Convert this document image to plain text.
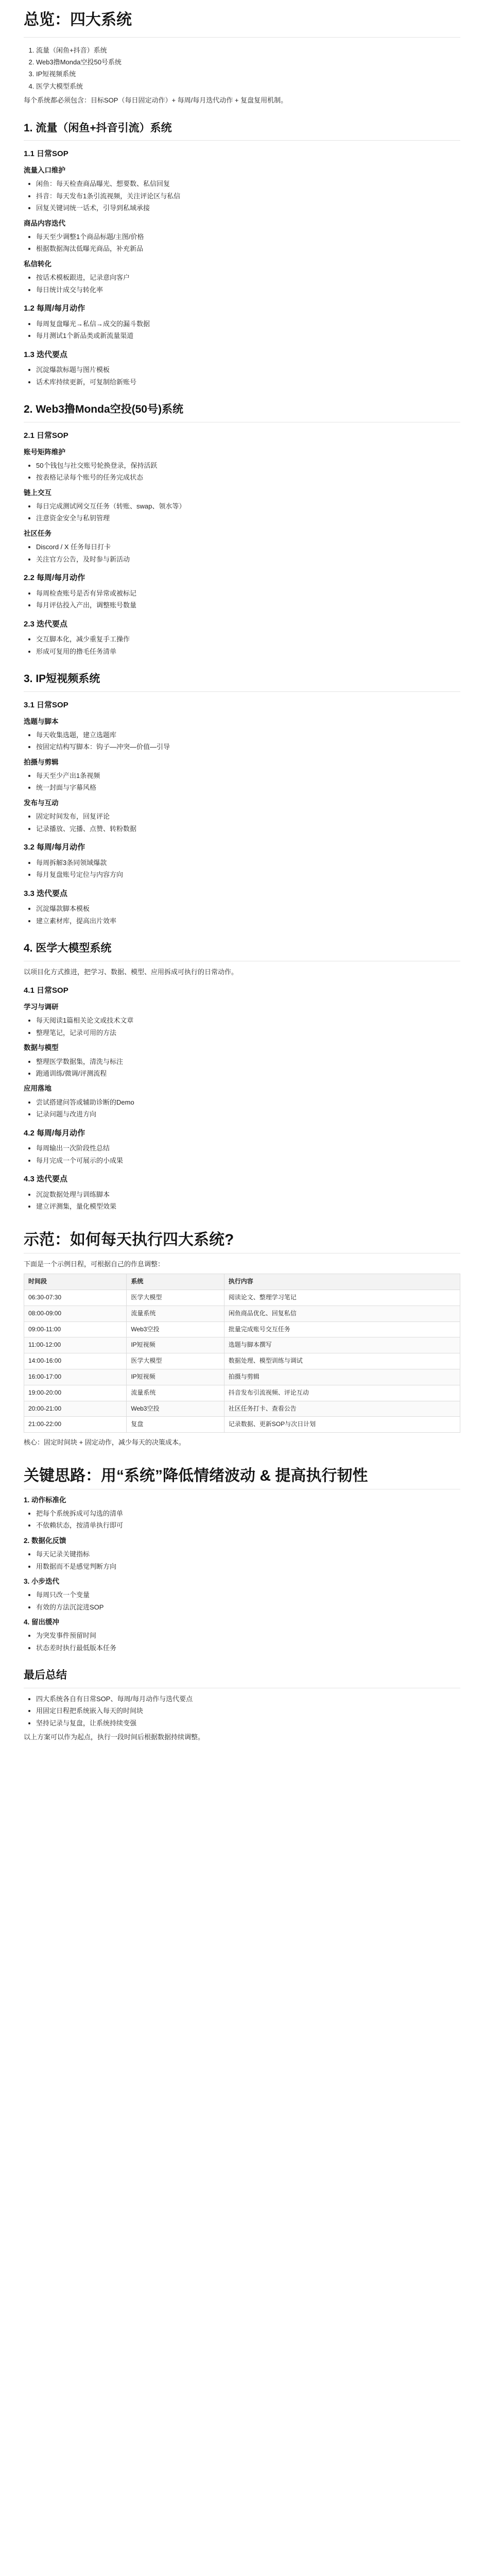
总览：四大系统
1. 流量（闲鱼+抖音）系统
2. Web3撸Monda空投50号系统
3. IP短视频系统
4. 医学大模型系统

每个系统都必须包含：目标SOP（每日固定动作）+ 每周/每月迭代动作 + 复盘复用机制。

1. 流量（闲鱼+抖音引流）系统
1.1 日常SOP
流量入口维护
• 闲鱼：每天检查商品曝光、想要数、私信回复
• 抖音：每天发布1条引流视频，关注评论区与私信
• 回复关键词统一话术，引导到私域承接
商品内容迭代
• 每天至少调整1个商品标题/主图/价格
• 根据数据淘汰低曝光商品，补充新品
私信转化
• 按话术模板跟进，记录意向客户
• 每日统计成交与转化率
1.2 每周/每月动作
• 每周复盘曝光→私信→成交的漏斗数据
• 每月测试1个新品类或新流量渠道
1.3 迭代要点
• 沉淀爆款标题与图片模板
• 话术库持续更新，可复制给新账号
2. Web3撸Monda空投(50号)系统
2.1 日常SOP
账号矩阵维护
• 50个钱包与社交账号轮换登录，保持活跃
• 按表格记录每个账号的任务完成状态
链上交互
• 每日完成测试网交互任务（转账、swap、领水等）
• 注意资金安全与私钥管理
社区任务
• Discord / X 任务每日打卡
• 关注官方公告，及时参与新活动
2.2 每周/每月动作
• 每周检查账号是否有异常或被标记
• 每月评估投入产出，调整账号数量
2.3 迭代要点
• 交互脚本化，减少重复手工操作
• 形成可复用的撸毛任务清单
3. IP短视频系统
3.1 日常SOP
选题与脚本
• 每天收集选题，建立选题库
• 按固定结构写脚本：钩子—冲突—价值—引导
拍摄与剪辑
• 每天至少产出1条视频
• 统一封面与字幕风格
发布与互动
• 固定时间发布，回复评论
• 记录播放、完播、点赞、转粉数据
3.2 每周/每月动作
• 每周拆解3条同领域爆款
• 每月复盘账号定位与内容方向
3.3 迭代要点
• 沉淀爆款脚本模板
• 建立素材库，提高出片效率
4. 医学大模型系统

以项目化方式推进，把学习、数据、模型、应用拆成可执行的日常动作。

4.1 日常SOP
学习与调研
• 每天阅读1篇相关论文或技术文章
• 整理笔记，记录可用的方法
数据与模型
• 整理医学数据集，清洗与标注
• 跑通训练/微调/评测流程
应用落地
• 尝试搭建问答或辅助诊断的Demo
• 记录问题与改进方向
4.2 每周/每月动作
• 每周输出一次阶段性总结
• 每月完成一个可展示的小成果
4.3 迭代要点
• 沉淀数据处理与训练脚本
• 建立评测集，量化模型效果
示范：如何每天执行四大系统?

下面是一个示例日程，可根据自己的作息调整：

时间段	系统	执行内容
06:30-07:30	医学大模型	阅读论文、整理学习笔记
08:00-09:00	流量系统	闲鱼商品优化、回复私信
09:00-11:00	Web3空投	批量完成账号交互任务
11:00-12:00	IP短视频	选题与脚本撰写
14:00-16:00	医学大模型	数据处理、模型训练与调试
16:00-17:00	IP短视频	拍摄与剪辑
19:00-20:00	流量系统	抖音发布引流视频、评论互动
20:00-21:00	Web3空投	社区任务打卡、查看公告
21:00-22:00	复盘	记录数据、更新SOP与次日计划

核心：固定时间块 + 固定动作，减少每天的决策成本。

关键思路：用“系统”降低情绪波动 & 提高执行韧性
1. 动作标准化
• 把每个系统拆成可勾选的清单
• 不依赖状态，按清单执行即可
2. 数据化反馈
• 每天记录关键指标
• 用数据而不是感觉判断方向
3. 小步迭代
• 每周只改一个变量
• 有效的方法沉淀进SOP
4. 留出缓冲
• 为突发事件预留时间
• 状态差时执行最低版本任务
最后总结
• 四大系统各自有日常SOP、每周/每月动作与迭代要点
• 用固定日程把系统嵌入每天的时间块
• 坚持记录与复盘，让系统持续变强

以上方案可以作为起点，执行一段时间后根据数据持续调整。
